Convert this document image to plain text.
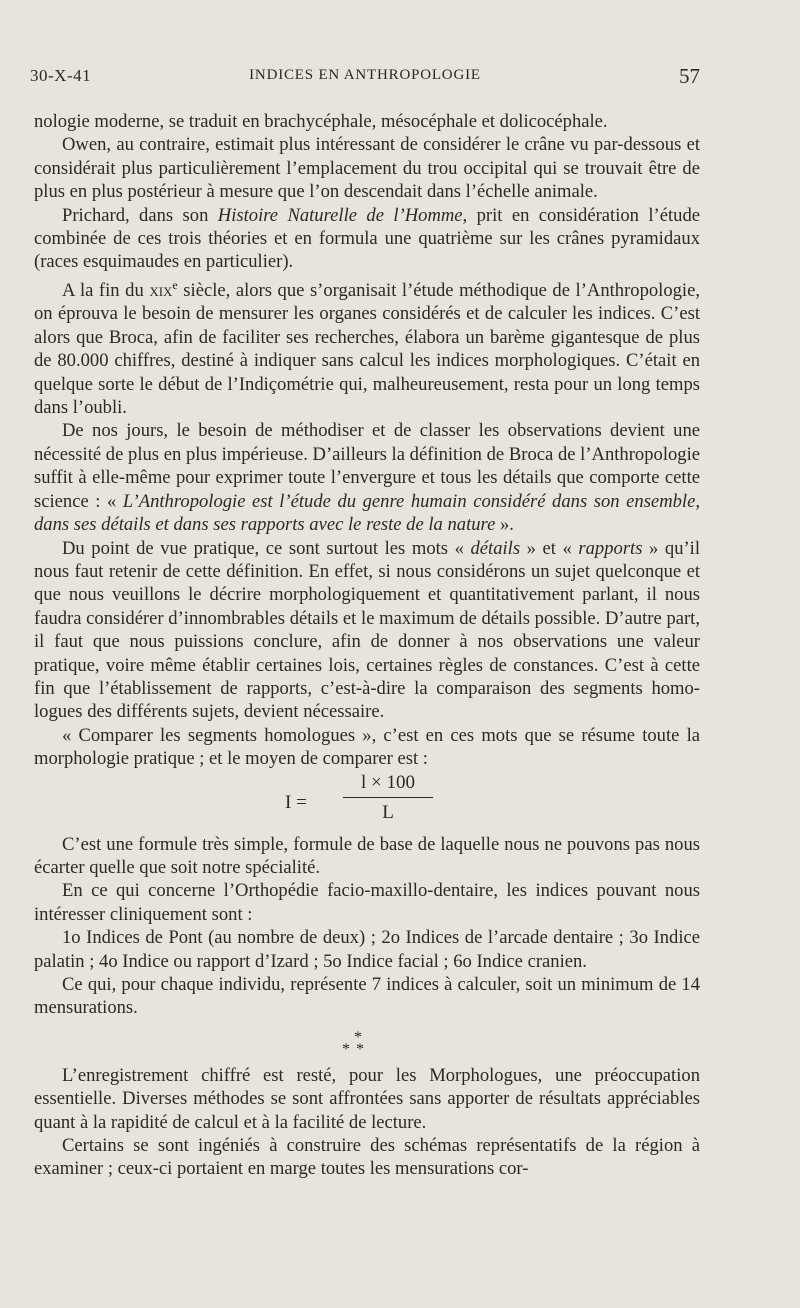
30-X-41	INDICES EN ANTHROPOLOGIE	57

nologie moderne, se traduit en brachycéphale, mésocéphale et dolicocéphale.

Owen, au contraire, estimait plus intéressant de considérer le crâne vu par-dessous et considérait plus particulièrement l’emplacement du trou occipital qui se trouvait être de plus en plus postérieur à mesure que l’on descendait dans l’échelle animale.

Prichard, dans son Histoire Naturelle de l’Homme, prit en considération l’étude combinée de ces trois théories et en formula une quatrième sur les crânes pyramidaux (races esquimaudes en particulier).

A la fin du xix$^e$ siècle, alors que s’organisait l’étude méthodique de l’Anthropologie, on éprouva le besoin de mensurer les organes considérés et de calculer les indices. C’est alors que Broca, afin de faciliter ses recherches, élabora un barème gigantesque de plus de 80.000 chiffres, destiné à indiquer sans calcul les indices morphologiques. C’était en quelque sorte le début de l’Indiçométrie qui, malheureusement, resta pour un long temps dans l’oubli.

De nos jours, le besoin de méthodiser et de classer les observations devient une nécessité de plus en plus impérieuse. D’ailleurs la définition de Broca de l’Anthropologie suffit à elle-même pour exprimer toute l’envergure et tous les détails que comporte cette science : « L’Anthropologie est l’étude du genre humain considéré dans son ensemble, dans ses détails et dans ses rapports avec le reste de la nature ».

Du point de vue pratique, ce sont surtout les mots « détails » et « rapports » qu’il nous faut retenir de cette définition. En effet, si nous considérons un sujet quelconque et que nous veuillons le décrire morphologiquement et quantitativement parlant, il nous faudra considérer d’innombrables détails et le maximum de détails possible. D’autre part, il faut que nous puissions conclure, afin de donner à nos observations une valeur pratique, voire même établir certaines lois, certaines règles de constances. C’est à cette fin que l’établissement de rapports, c’est-à-dire la comparaison des segments homologues des différents sujets, devient nécessaire.

« Comparer les segments homologues », c’est en ces mots que se résume toute la morphologie pratique ; et le moyen de comparer est :

I =
l × 100
L

C’est une formule très simple, formule de base de laquelle nous ne pouvons pas nous écarter quelle que soit notre spécialité.

En ce qui concerne l’Orthopédie facio-maxillo-dentaire, les indices pouvant nous intéresser cliniquement sont :

1o Indices de Pont (au nombre de deux) ; 2o Indices de l’arcade dentaire ; 3o Indice palatin ; 4o Indice ou rapport d’Izard ; 5o Indice facial ; 6o Indice cranien.

Ce qui, pour chaque individu, représente 7 indices à calculer, soit un minimum de 14 mensurations.

*
**

L’enregistrement chiffré est resté, pour les Morphologues, une préoccupation essentielle. Diverses méthodes se sont affrontées sans apporter de résultats appréciables quant à la rapidité de calcul et à la facilité de lecture.

Certains se sont ingéniés à construire des schémas représentatifs de la région à examiner ; ceux-ci portaient en marge toutes les mensurations cor-
